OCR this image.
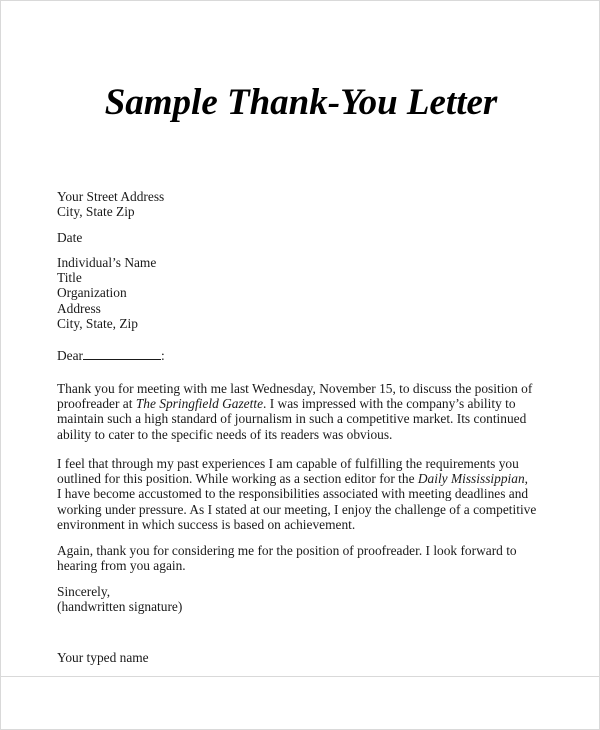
Sample Thank-You Letter
Your Street Address
City, State Zip
Date
Individual’s Name
Title
Organization
Address
City, State, Zip
Dear	:
Thank you for meeting with me last Wednesday, November 15, to discuss the position of
proofreader at The Springfield Gazette. I was impressed with the company’s ability to
maintain such a high standard of journalism in such a competitive market. Its continued
ability to cater to the specific needs of its readers was obvious.
I feel that through my past experiences I am capable of fulfilling the requirements you
outlined for this position. While working as a section editor for the Daily Mississippian,
I have become accustomed to the responsibilities associated with meeting deadlines and
working under pressure. As I stated at our meeting, I enjoy the challenge of a competitive
environment in which success is based on achievement.
Again, thank you for considering me for the position of proofreader. I look forward to
hearing from you again.
Sincerely,
(handwritten signature)
Your typed name
